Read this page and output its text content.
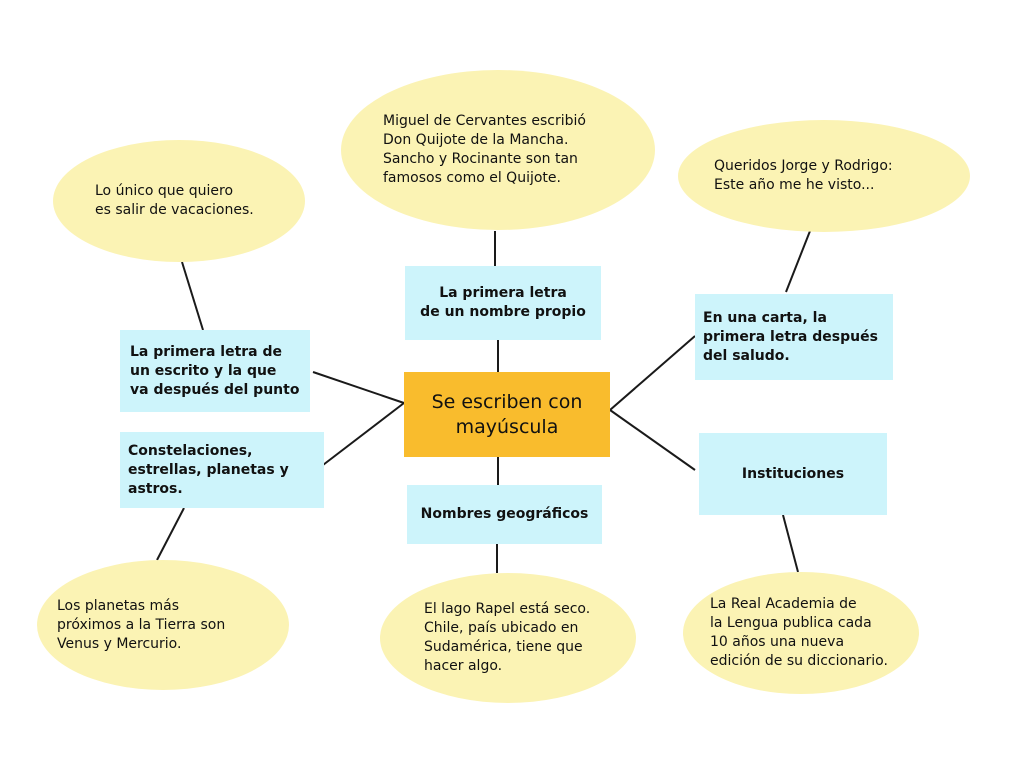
Miguel de Cervantes escribió
Don Quijote de la Mancha.
Sancho y Rocinante son tan
famosos como el Quijote.
Lo único que quiero
es salir de vacaciones.
Queridos Jorge y Rodrigo:
Este año me he visto...
Los planetas más
próximos a la Tierra son
Venus y Mercurio.
El lago Rapel está seco.
Chile, país ubicado en
Sudamérica, tiene que
hacer algo.
La Real Academia de
la Lengua publica cada
10 años una nueva
edición de su diccionario.
La primera letra
de un nombre propio
La primera letra de
un escrito y la que
va después del punto
Constelaciones,
estrellas, planetas y
astros.
Nombres geográficos
En una carta, la
primera letra después
del saludo.
Instituciones
Se escriben con
mayúscula
